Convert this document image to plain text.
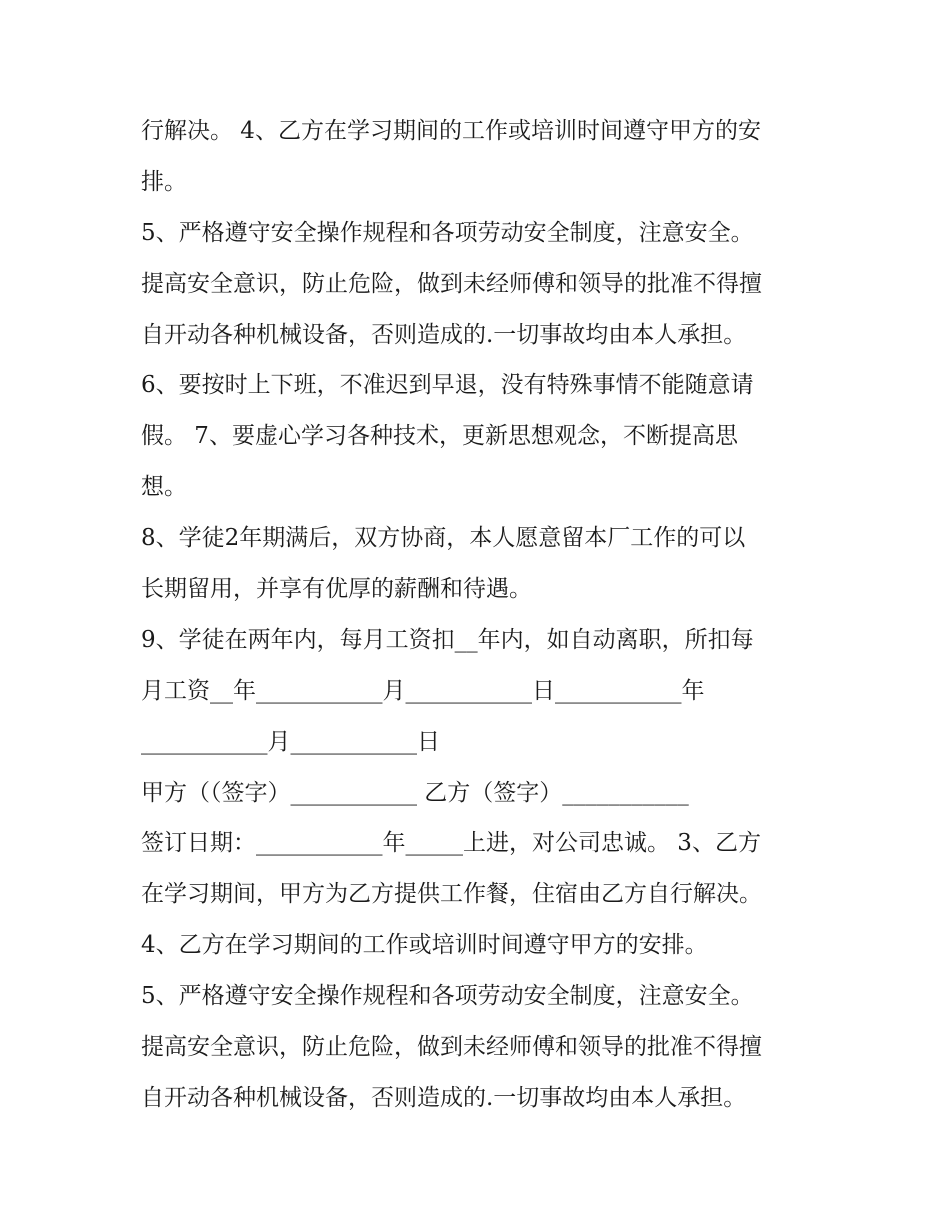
行解决。 4、乙方在学习期间的工作或培训时间遵守甲方的安
排。
5、严格遵守安全操作规程和各项劳动安全制度，注意安全。
提高安全意识，防止危险，做到未经师傅和领导的批准不得擅
自开动各种机械设备，否则造成的.一切事故均由本人承担。
6、要按时上下班，不准迟到早退，没有特殊事情不能随意请
假。 7、要虚心学习各种技术，更新思想观念，不断提高思
想。
8、学徒2年期满后，双方协商，本人愿意留本厂工作的可以
长期留用，并享有优厚的薪酬和待遇。
9、学徒在两年内，每月工资扣__年内，如自动离职，所扣每
月工资__年___________月___________日___________年
___________月___________日
甲方（（签字）___________ 乙方（签字）___________
签订日期：___________年_____上进，对公司忠诚。 3、乙方
在学习期间，甲方为乙方提供工作餐，住宿由乙方自行解决。
4、乙方在学习期间的工作或培训时间遵守甲方的安排。
5、严格遵守安全操作规程和各项劳动安全制度，注意安全。
提高安全意识，防止危险，做到未经师傅和领导的批准不得擅
自开动各种机械设备，否则造成的.一切事故均由本人承担。
